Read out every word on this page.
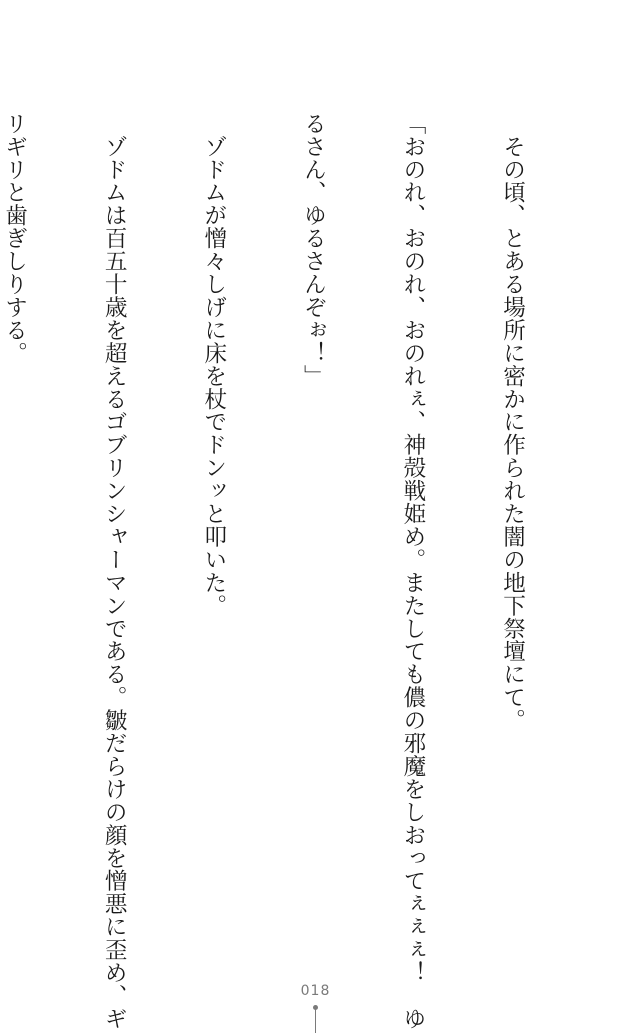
　その頃、とある場所に密かに作られた闇の地下祭壇にて。

「おのれ、おのれ、おのれぇ、神殻戦姫め。またしても儂の邪魔をしおってぇぇぇ！　ゆ

るさん、ゆるさんぞぉ！」

　ゾドムが憎々しげに床を杖でドンッと叩いた。

　ゾドムは百五十歳を超えるゴブリンシャーマンである。皺だらけの顔を憎悪に歪め、ギ

リギリと歯ぎしりする。

018
